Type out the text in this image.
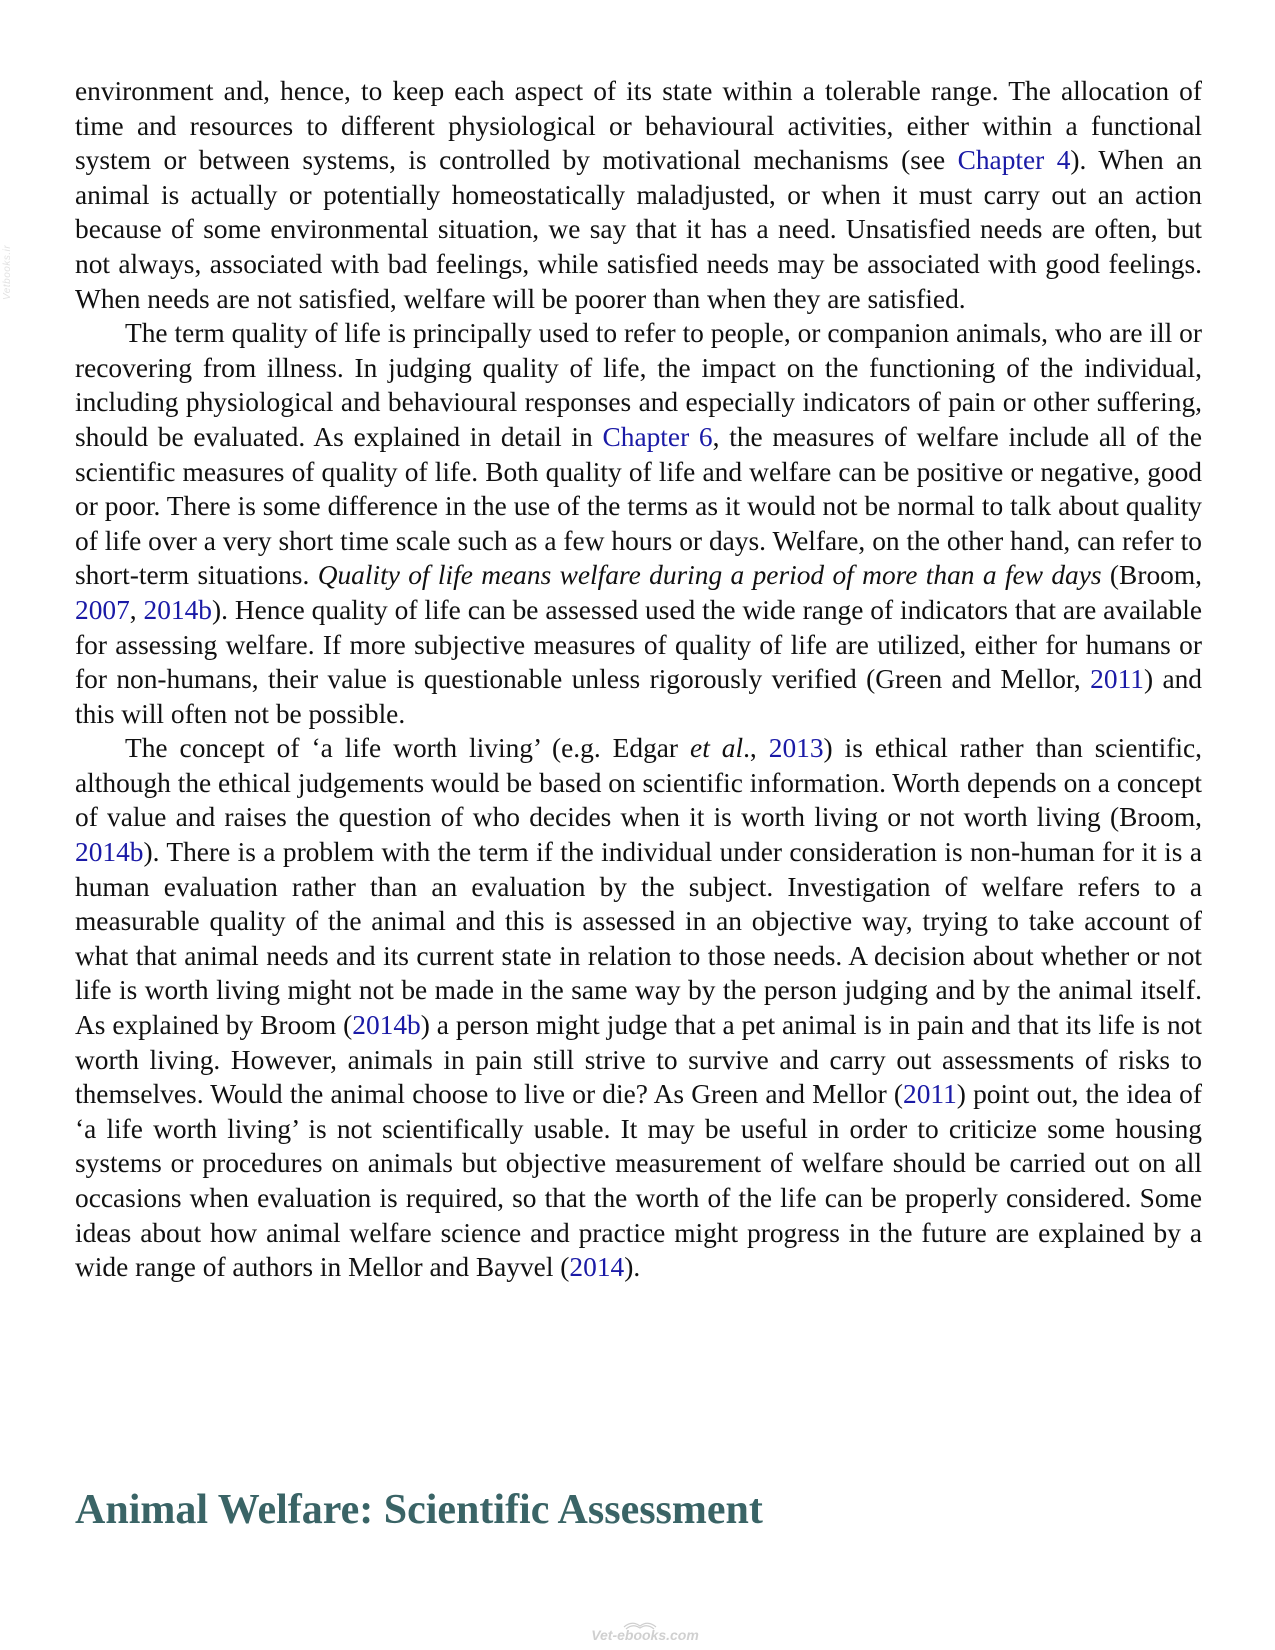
Vetbooks.ir

environment and, hence, to keep each aspect of its state within a tolerable range. The allocation of time and resources to different physiological or behavioural activities, either within a functional system or between systems, is controlled by motivational mechanisms (see Chapter 4). When an animal is actually or potentially homeostatically maladjusted, or when it must carry out an action because of some environmental situation, we say that it has a need. Unsatisfied needs are often, but not always, associated with bad feelings, while satisfied needs may be associated with good feelings. When needs are not satisfied, welfare will be poorer than when they are satisfied.

The term quality of life is principally used to refer to people, or companion animals, who are ill or recovering from illness. In judging quality of life, the impact on the functioning of the individual, including physiological and behavioural responses and especially indicators of pain or other suffering, should be evaluated. As explained in detail in Chapter 6, the measures of welfare include all of the scientific measures of quality of life. Both quality of life and welfare can be positive or negative, good or poor. There is some difference in the use of the terms as it would not be normal to talk about quality of life over a very short time scale such as a few hours or days. Welfare, on the other hand, can refer to short-term situations. Quality of life means welfare during a period of more than a few days (Broom, 2007, 2014b). Hence quality of life can be assessed used the wide range of indicators that are available for assessing welfare. If more subjective measures of quality of life are utilized, either for humans or for non-humans, their value is questionable unless rigorously verified (Green and Mellor, 2011) and this will often not be possible.

The concept of ‘a life worth living’ (e.g. Edgar et al., 2013) is ethical rather than scientific, although the ethical judgements would be based on scientific information. Worth depends on a concept of value and raises the question of who decides when it is worth living or not worth living (Broom, 2014b). There is a problem with the term if the individual under consideration is non-human for it is a human evaluation rather than an evaluation by the subject. Investigation of welfare refers to a measurable quality of the animal and this is assessed in an objective way, trying to take account of what that animal needs and its current state in relation to those needs. A decision about whether or not life is worth living might not be made in the same way by the person judging and by the animal itself. As explained by Broom (2014b) a person might judge that a pet animal is in pain and that its life is not worth living. However, animals in pain still strive to survive and carry out assessments of risks to themselves. Would the animal choose to live or die? As Green and Mellor (2011) point out, the idea of ‘a life worth living’ is not scientifically usable. It may be useful in order to criticize some housing systems or procedures on animals but objective measurement of welfare should be carried out on all occasions when evaluation is required, so that the worth of the life can be properly considered. Some ideas about how animal welfare science and practice might progress in the future are explained by a wide range of authors in Mellor and Bayvel (2014).

Animal Welfare: Scientific Assessment
Vet-ebooks.com
